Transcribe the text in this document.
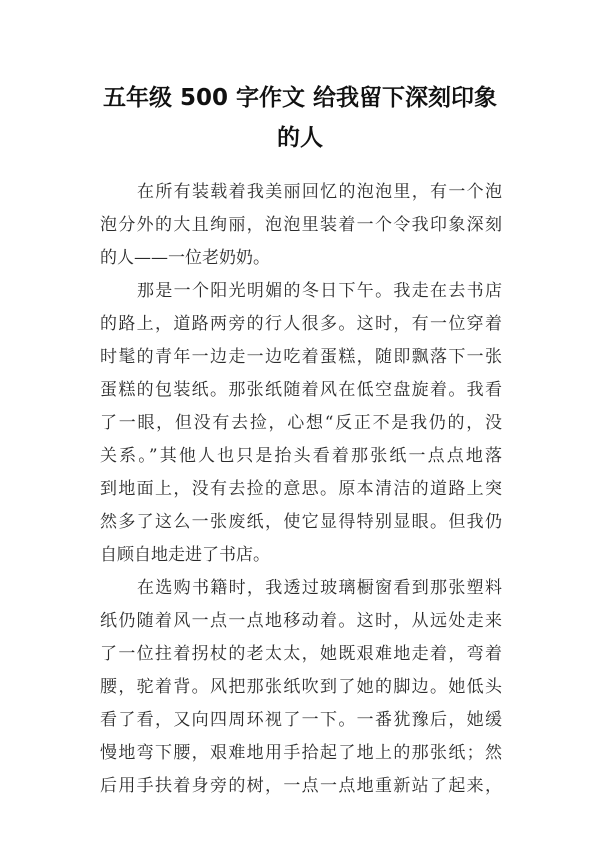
五年级 500 字作文 给我留下深刻印象
的人
在所有装载着我美丽回忆的泡泡里，有一个泡
泡分外的大且绚丽，泡泡里装着一个令我印象深刻
的人——一位老奶奶。
那是一个阳光明媚的冬日下午。我走在去书店
的路上，道路两旁的行人很多。这时，有一位穿着
时髦的青年一边走一边吃着蛋糕，随即飘落下一张
蛋糕的包装纸。那张纸随着风在低空盘旋着。我看
了一眼，但没有去捡，心想“反正不是我仍的，没
关系。”其他人也只是抬头看着那张纸一点点地落
到地面上，没有去捡的意思。原本清洁的道路上突
然多了这么一张废纸，使它显得特别显眼。但我仍
自顾自地走进了书店。
在选购书籍时，我透过玻璃橱窗看到那张塑料
纸仍随着风一点一点地移动着。这时，从远处走来
了一位拄着拐杖的老太太，她既艰难地走着，弯着
腰，驼着背。风把那张纸吹到了她的脚边。她低头
看了看，又向四周环视了一下。一番犹豫后，她缓
慢地弯下腰，艰难地用手拾起了地上的那张纸；然
后用手扶着身旁的树，一点一点地重新站了起来，
